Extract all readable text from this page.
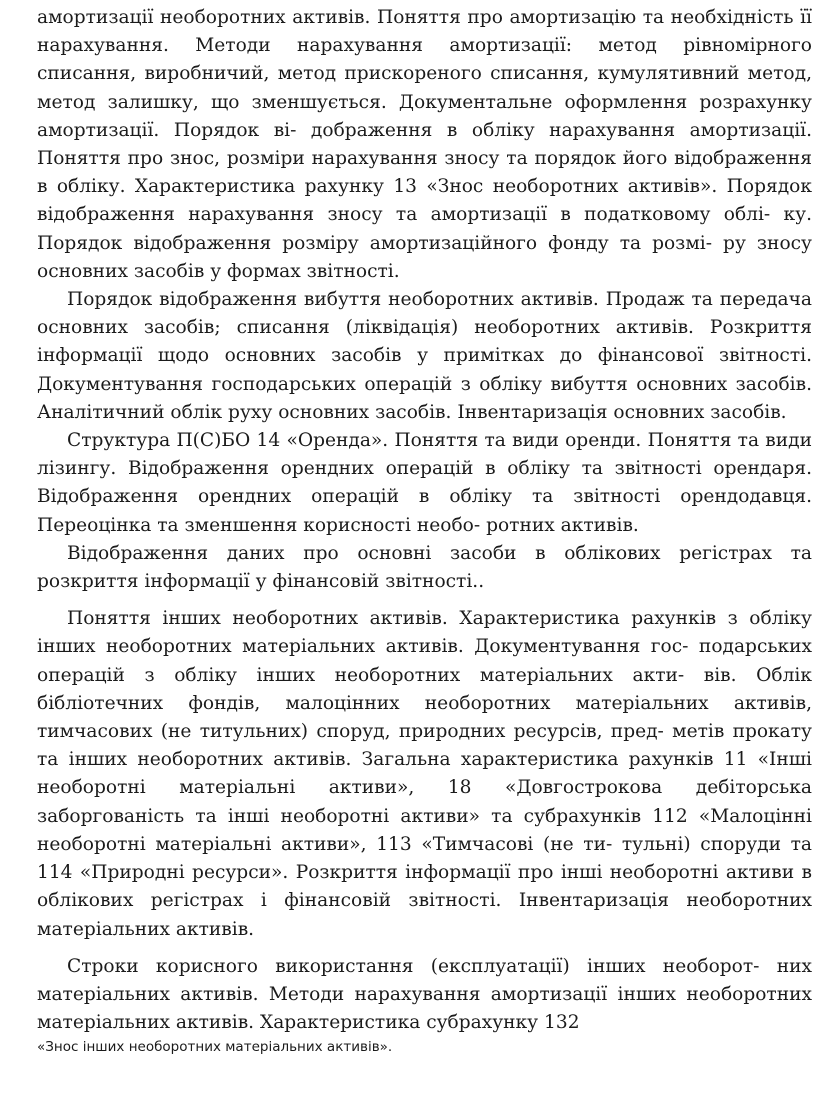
амортизації необоротних активів. Поняття про амортизацію та необхідність її нарахування. Методи нарахування амортизації: метод рівномірного списання, виробничий, метод прискореного списання, кумулятивний метод, метод залишку, що зменшується. Документальне оформлення розрахунку амортизації. Порядок ві- дображення в обліку нарахування амортизації. Поняття про знос, розміри нарахування зносу та порядок його відображення в обліку. Характеристика рахунку 13 «Знос необоротних активів». Порядок відображення нарахування зносу та амортизації в податковому облі- ку. Порядок відображення розміру амортизаційного фонду та розмі- ру зносу основних засобів у формах звітності.

Порядок відображення вибуття необоротних активів. Продаж та передача основних засобів; списання (ліквідація) необоротних активів. Розкриття інформації щодо основних засобів у примітках до фінансової звітності. Документування господарських операцій з обліку вибуття основних засобів. Аналітичний облік руху основних засобів. Інвентаризація основних засобів.

Структура П(С)БО 14 «Оренда». Поняття та види оренди. Поняття та види лізингу. Відображення орендних операцій в обліку та звітності орендаря. Відображення орендних операцій в обліку та звітності орендодавця. Переоцінка та зменшення корисності необо- ротних активів.

Відображення даних про основні засоби в облікових регістрах та розкриття інформації у фінансовій звітності..

Поняття інших необоротних активів. Характеристика рахунків з обліку інших необоротних матеріальних активів. Документування гос- подарських операцій з обліку інших необоротних матеріальних акти- вів. Облік бібліотечних фондів, малоцінних необоротних матеріальних активів, тимчасових (не титульних) споруд, природних ресурсів, пред- метів прокату та інших необоротних активів. Загальна характеристика рахунків 11 «Інші необоротні матеріальні активи», 18 «Довгострокова дебіторська заборгованість та інші необоротні активи» та субрахунків 112 «Малоцінні необоротні матеріальні активи», 113 «Тимчасові (не ти- тульні) споруди та 114 «Природні ресурси». Розкриття інформації про інші необоротні активи в облікових регістрах і фінансовій звітності. Інвентаризація необоротних матеріальних активів.

Строки корисного використання (експлуатації) інших необорот- них матеріальних активів. Методи нарахування амортизації інших необоротних матеріальних активів. Характеристика субрахунку 132

«Знос інших необоротних матеріальних активів».
